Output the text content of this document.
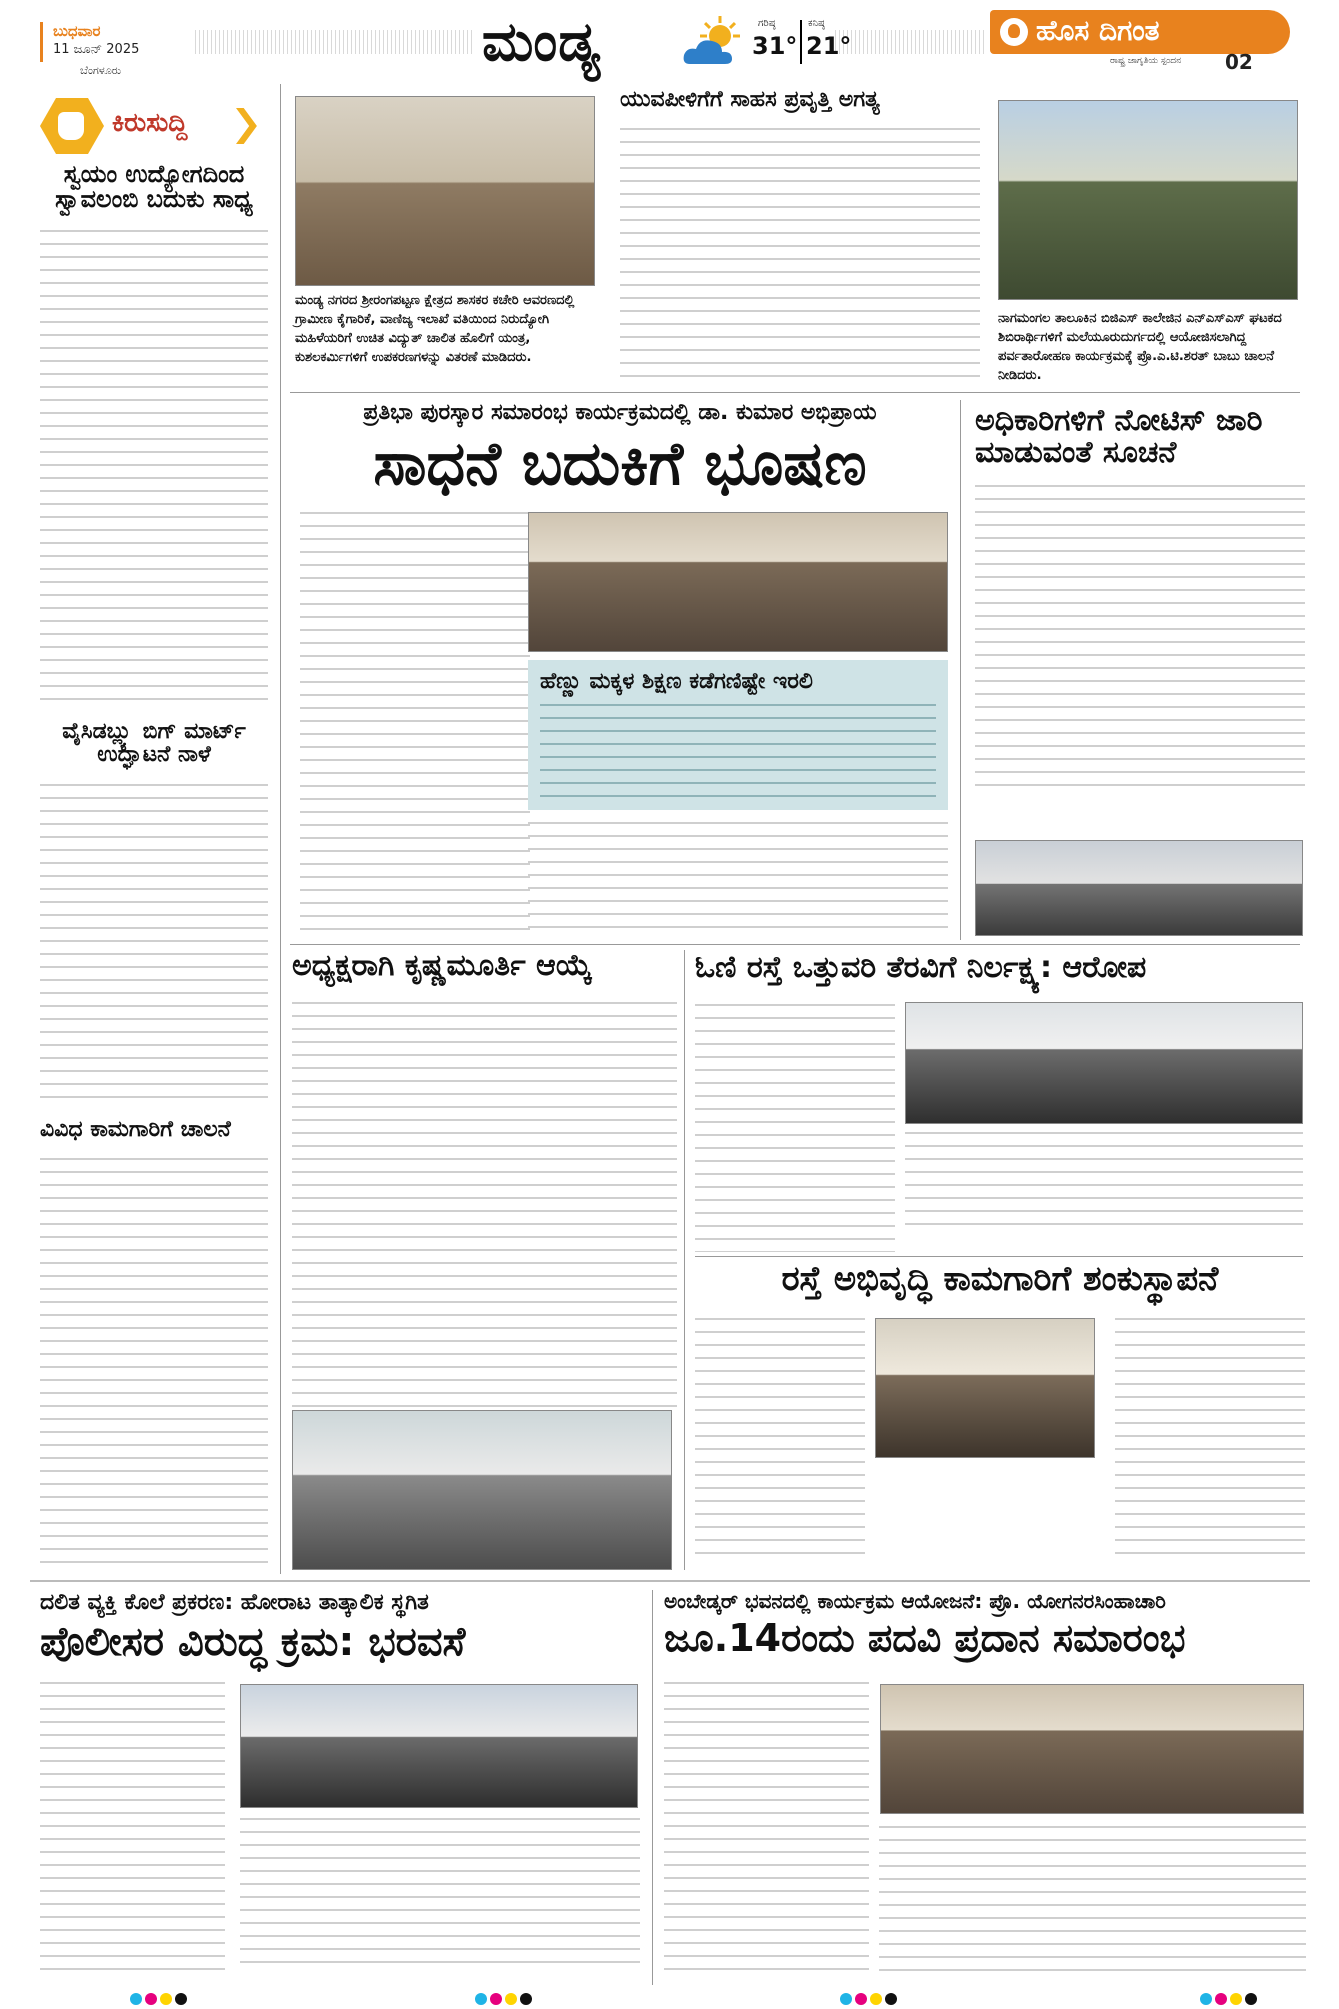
ಬುಧವಾರ
11 ಜೂನ್ 2025
ಬೆಂಗಳೂರು	ಮಂಡ್ಯ	ಗರಿಷ್ಠ
31°
ಕನಿಷ್ಠ
21°	ಹೊಸ ದಿಗಂತ
ರಾಷ್ಟ್ರ ಜಾಗೃತಿಯ ಸ್ಪಂದನ 02
ಕಿರುಸುದ್ದಿ
ಸ್ವಯಂ ಉದ್ಯೋಗದಿಂದ ಸ್ವಾವಲಂಬಿ ಬದುಕು ಸಾಧ್ಯ
ವೈಸಿಡಬ್ಲ್ಯು ಬಿಗ್ ಮಾರ್ಟ್ ಉದ್ಘಾಟನೆ ನಾಳೆ
ವಿವಿಧ ಕಾಮಗಾರಿಗೆ ಚಾಲನೆ
ಮಂಡ್ಯ ನಗರದ ಶ್ರೀರಂಗಪಟ್ಟಣ ಕ್ಷೇತ್ರದ ಶಾಸಕರ ಕಚೇರಿ ಆವರಣದಲ್ಲಿ ಗ್ರಾಮೀಣ ಕೈಗಾರಿಕೆ, ವಾಣಿಜ್ಯ ಇಲಾಖೆ ವತಿಯಿಂದ ನಿರುದ್ಯೋಗಿ ಮಹಿಳೆಯರಿಗೆ ಉಚಿತ ವಿದ್ಯುತ್ ಚಾಲಿತ ಹೊಲಿಗೆ ಯಂತ್ರ, ಕುಶಲಕರ್ಮಿಗಳಿಗೆ ಉಪಕರಣಗಳನ್ನು ವಿತರಣೆ ಮಾಡಿದರು.
ಯುವಪೀಳಿಗೆಗೆ ಸಾಹಸ ಪ್ರವೃತ್ತಿ ಅಗತ್ಯ
ನಾಗಮಂಗಲ ತಾಲೂಕಿನ ಬಿಜಿಎಸ್ ಕಾಲೇಜಿನ ಎನ್‌ಎಸ್‌ಎಸ್ ಘಟಕದ ಶಿಬಿರಾರ್ಥಿಗಳಿಗೆ ಮಲೆಯೂರುದುರ್ಗದಲ್ಲಿ ಆಯೋಜಿಸಲಾಗಿದ್ದ ಪರ್ವತಾರೋಹಣ ಕಾರ್ಯಕ್ರಮಕ್ಕೆ ಪ್ರೊ.ಎ.ಟಿ.ಶರತ್ ಬಾಬು ಚಾಲನೆ ನೀಡಿದರು.
ಪ್ರತಿಭಾ ಪುರಸ್ಕಾರ ಸಮಾರಂಭ ಕಾರ್ಯಕ್ರಮದಲ್ಲಿ ಡಾ. ಕುಮಾರ ಅಭಿಪ್ರಾಯ
ಸಾಧನೆ ಬದುಕಿಗೆ ಭೂಷಣ
ಹೆಣ್ಣು ಮಕ್ಕಳ ಶಿಕ್ಷಣ ಕಡೆಗಣಿಷ್ಟೇ ಇರಲಿ
ಅಧಿಕಾರಿಗಳಿಗೆ ನೋಟಿಸ್ ಜಾರಿ ಮಾಡುವಂತೆ ಸೂಚನೆ
ಅಧ್ಯಕ್ಷರಾಗಿ ಕೃಷ್ಣಮೂರ್ತಿ ಆಯ್ಕೆ	ಓಣಿ ರಸ್ತೆ ಒತ್ತುವರಿ ತೆರವಿಗೆ ನಿರ್ಲಕ್ಷ್ಯ: ಆರೋಪ
ರಸ್ತೆ ಅಭಿವೃದ್ಧಿ ಕಾಮಗಾರಿಗೆ ಶಂಕುಸ್ಥಾಪನೆ
ದಲಿತ ವ್ಯಕ್ತಿ ಕೊಲೆ ಪ್ರಕರಣ: ಹೋರಾಟ ತಾತ್ಕಾಲಿಕ ಸ್ಥಗಿತ
ಪೊಲೀಸರ ವಿರುದ್ಧ ಕ್ರಮ: ಭರವಸೆ
ಅಂಬೇಡ್ಕರ್ ಭವನದಲ್ಲಿ ಕಾರ್ಯಕ್ರಮ ಆಯೋಜನೆ: ಪ್ರೊ. ಯೋಗನರಸಿಂಹಾಚಾರಿ
ಜೂ.14ರಂದು ಪದವಿ ಪ್ರದಾನ ಸಮಾರಂಭ
